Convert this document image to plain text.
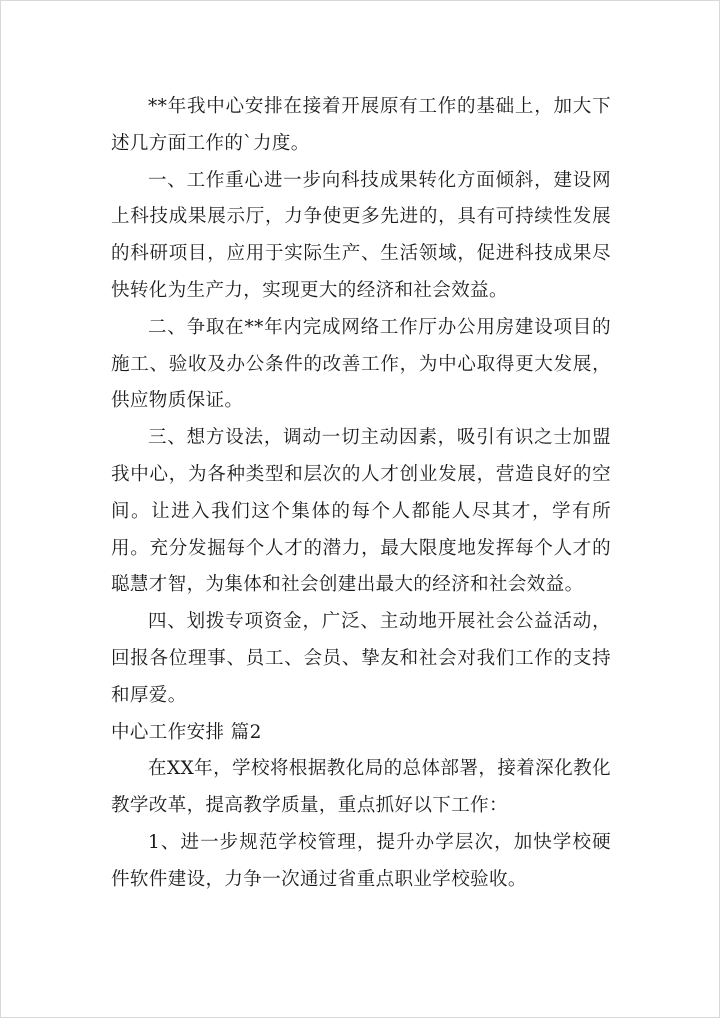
**年我中心安排在接着开展原有工作的基础上，加大下述几方面工作的`力度。

一、工作重心进一步向科技成果转化方面倾斜，建设网上科技成果展示厅，力争使更多先进的，具有可持续性发展的科研项目，应用于实际生产、生活领域，促进科技成果尽快转化为生产力，实现更大的经济和社会效益。

二、争取在**年内完成网络工作厅办公用房建设项目的施工、验收及办公条件的改善工作，为中心取得更大发展，供应物质保证。

三、想方设法，调动一切主动因素，吸引有识之士加盟我中心，为各种类型和层次的人才创业发展，营造良好的空间。让进入我们这个集体的每个人都能人尽其才，学有所用。充分发掘每个人才的潜力，最大限度地发挥每个人才的聪慧才智，为集体和社会创建出最大的经济和社会效益。

四、划拨专项资金，广泛、主动地开展社会公益活动，回报各位理事、员工、会员、挚友和社会对我们工作的支持和厚爱。

中心工作安排 篇2

在XX年，学校将根据教化局的总体部署，接着深化教化教学改革，提高教学质量，重点抓好以下工作：

1、进一步规范学校管理，提升办学层次，加快学校硬件软件建设，力争一次通过省重点职业学校验收。
